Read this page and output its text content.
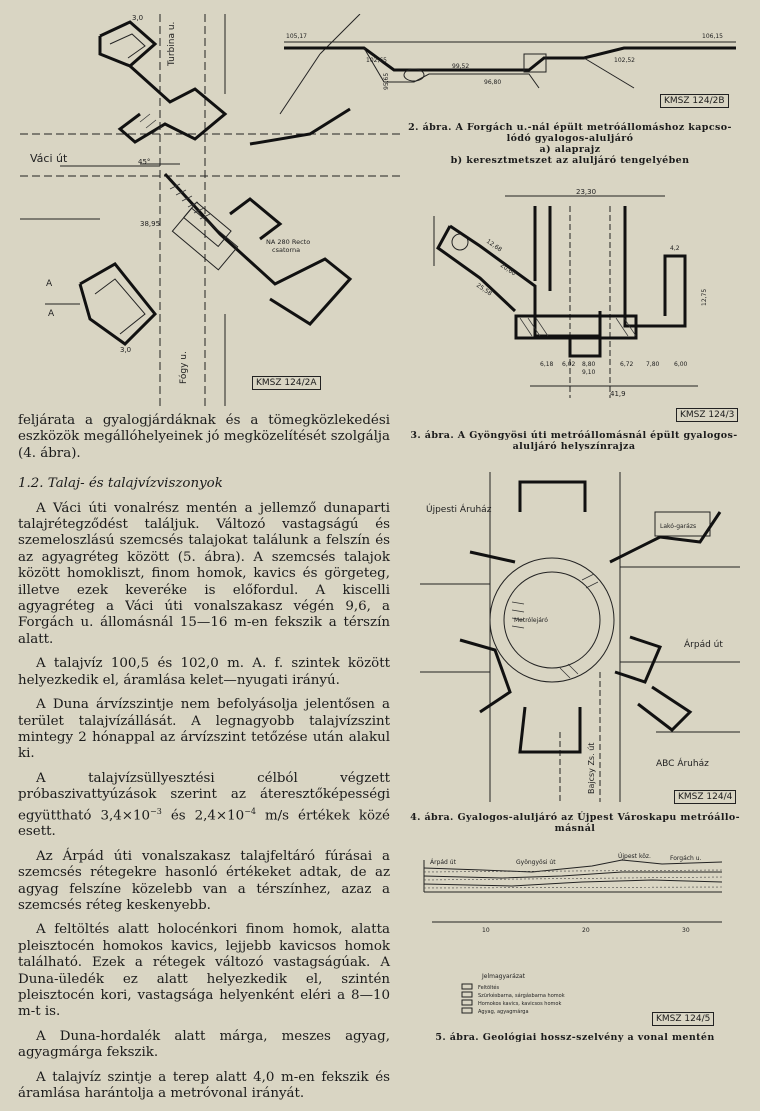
Turbina u.
Váci út	45°
38,95
NA 280 Recto
csatorna
A
A
3,0
3,0
Fógy u.	KMSZ 124/2A
105,17	106,15
102,65
99,52
96,80
102,52
95,65
KMSZ 124/2B
2. ábra. A Forgách u.-nál épült metróállomáshoz kapcso-
lódó gyalogos-aluljáró
a) alaprajz
b) keresztmetszet az aluljáró tengelyében
23,30
41,9
6,18 6,02 8,80
9,10
6,72 7,80 6,00
12,75
12,68
20,60
25,58
4,2
KMSZ 124/3
3. ábra. A Gyöngyösi úti metróállomásnál épült gyalogos-
aluljáró helyszínrajza
Újpesti Áruház
Árpád út
ABC Áruház
Bajcsy Zs. út
Metrólejáró
Lakó-garázs
KMSZ 124/4
4. ábra. Gyalogos-aluljáró az Újpest Városkapu metróállo-
másnál
Árpád út	Gyöngyösi út
Újpest köz.	Forgách u.
10	20	30
Jelmagyarázat
Feltöltés
Szürkésbarna, sárgásbarna homok
Homokos kavics, kavicsos homok
Agyag, agyagmárga
KMSZ 124/5
5. ábra. Geológiai hossz-szelvény a vonal mentén

feljárata a gyalogjárdáknak és a tömegközlekedési eszközök megállóhelyeinek jó megközelítését szolgálja (4. ábra).

1.2. Talaj- és talajvízviszonyok

A Váci úti vonalrész mentén a jellemző dunaparti talajrétegződést találjuk. Változó vastagságú és szemeloszlású szemcsés talajokat találunk a felszín és az agyagréteg között (5. ábra). A szemcsés talajok között homokliszt, finom homok, kavics és görgeteg, illetve ezek keveréke is előfordul. A kiscelli agyagréteg a Váci úti vonalszakasz végén 9,6, a Forgách u. állomásnál 15—16 m-en fekszik a térszín alatt.

A talajvíz 100,5 és 102,0 m. A. f. szintek között helyezkedik el, áramlása kelet—nyugati irányú.

A Duna árvízszintje nem befolyásolja jelentősen a terület talajvízállását. A legnagyobb talajvízszint mintegy 2 hónappal az árvízszint tetőzése után alakul ki.

A talajvízsüllyesztési célból végzett próbaszivattyúzások szerint az áteresztőképességi együttható $3,4\times 10^{-3}$ és $2,4\times 10^{-4}$ m/s értékek közé esett.

Az Árpád úti vonalszakasz talajfeltáró fúrásai a szemcsés rétegekre hasonló értékeket adtak, de az agyag felszíne közelebb van a térszínhez, azaz a szemcsés réteg keskenyebb.

A feltöltés alatt holocénkori finom homok, alatta pleisztocén homokos kavics, lejjebb kavicsos homok található. Ezek a rétegek változó vastagságúak. A Duna-üledék ez alatt helyezkedik el, szintén pleisztocén kori, vastagsága helyenként eléri a 8—10 m-t is.

A Duna-hordalék alatt márga, meszes agyag, agyagmárga fekszik.

A talajvíz szintje a terep alatt 4,0 m-en fekszik és áramlása harántolja a metróvonal irányát.
